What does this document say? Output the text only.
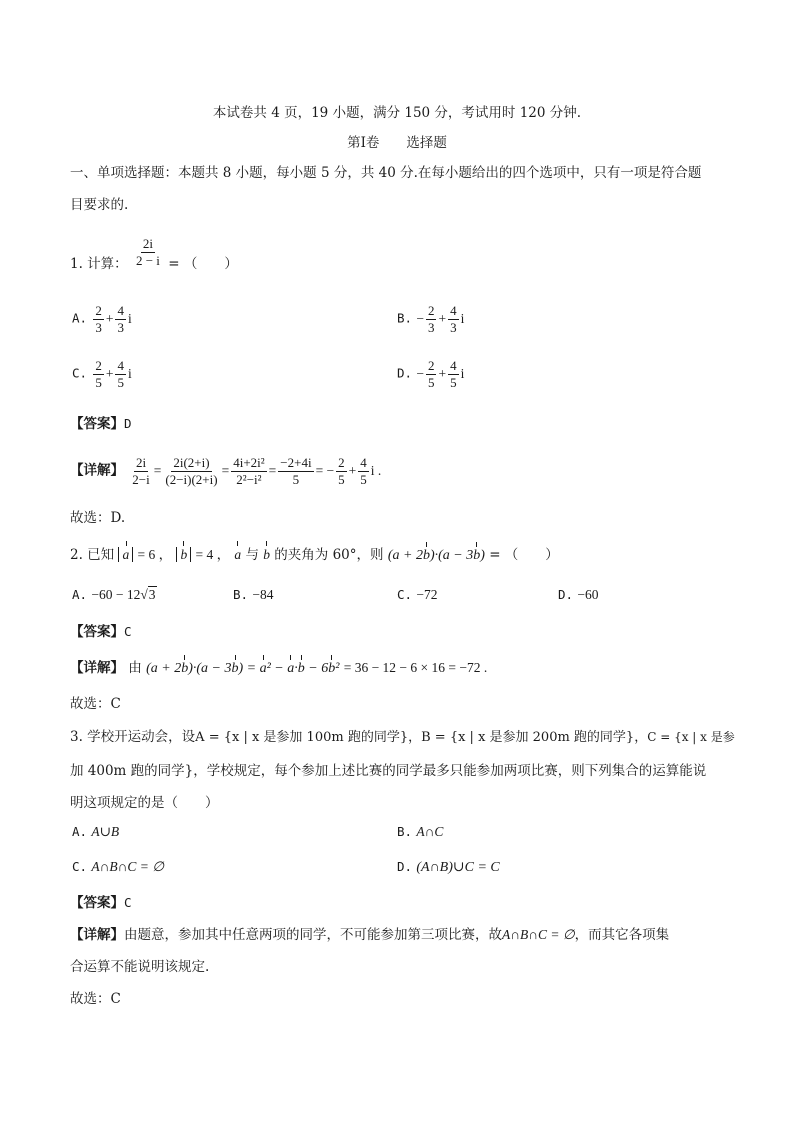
本试卷共 4 页，19 小题，满分 150 分，考试用时 120 分钟.
第Ⅰ卷　　选择题
一、单项选择题：本题共 8 小题，每小题 5 分，共 40 分.在每小题给出的四个选项中，只有一项是符合题
目要求的.
1. 计算： $\frac{2i}{2 - i}$ = （　　）
A. $\frac{2}{3} + \frac{4}{3}$ i	B. − $\frac{2}{3} + \frac{4}{3}$ i
C. $\frac{2}{5} + \frac{4}{5}$ i	D. − $\frac{2}{5} + \frac{4}{5}$ i
【答案】D
【详解】 $\frac{2i}{2-i} = \frac{2i(2+i)}{(2-i)(2+i)} = \frac{\text{4i+2i²}}{\text{2²−i²}} = \frac{-2+4i}{5}$ = − $\frac{2}{5} + \frac{4}{5}$ i .
故选：D.
2. 已知 a = 6 ， b = 4 ， a 与 b 的夹角为 60°，则 (a + 2b)·(a − 3b) = （　　）
A. −60 − 12√3	B. −84	C. −72	D. −60
【答案】C
【详解】 由 (a + 2b)·(a − 3b) = a² − a·b − 6b² = 36 − 12 − 6 × 16 = −72 .
故选：C
3. 学校开运动会，设A = {x | x 是参加 100m 跑的同学}，B = {x | x 是参加 200m 跑的同学}，C = {x | x 是参
加 400m 跑的同学}，学校规定，每个参加上述比赛的同学最多只能参加两项比赛，则下列集合的运算能说
明这项规定的是（　　）
A. A∪B	B. A∩C
C. A∩B∩C = ∅	D. (A∩B)∪C = C
【答案】C
【详解】由题意，参加其中任意两项的同学，不可能参加第三项比赛，故A∩B∩C = ∅，而其它各项集
合运算不能说明该规定.
故选：C
